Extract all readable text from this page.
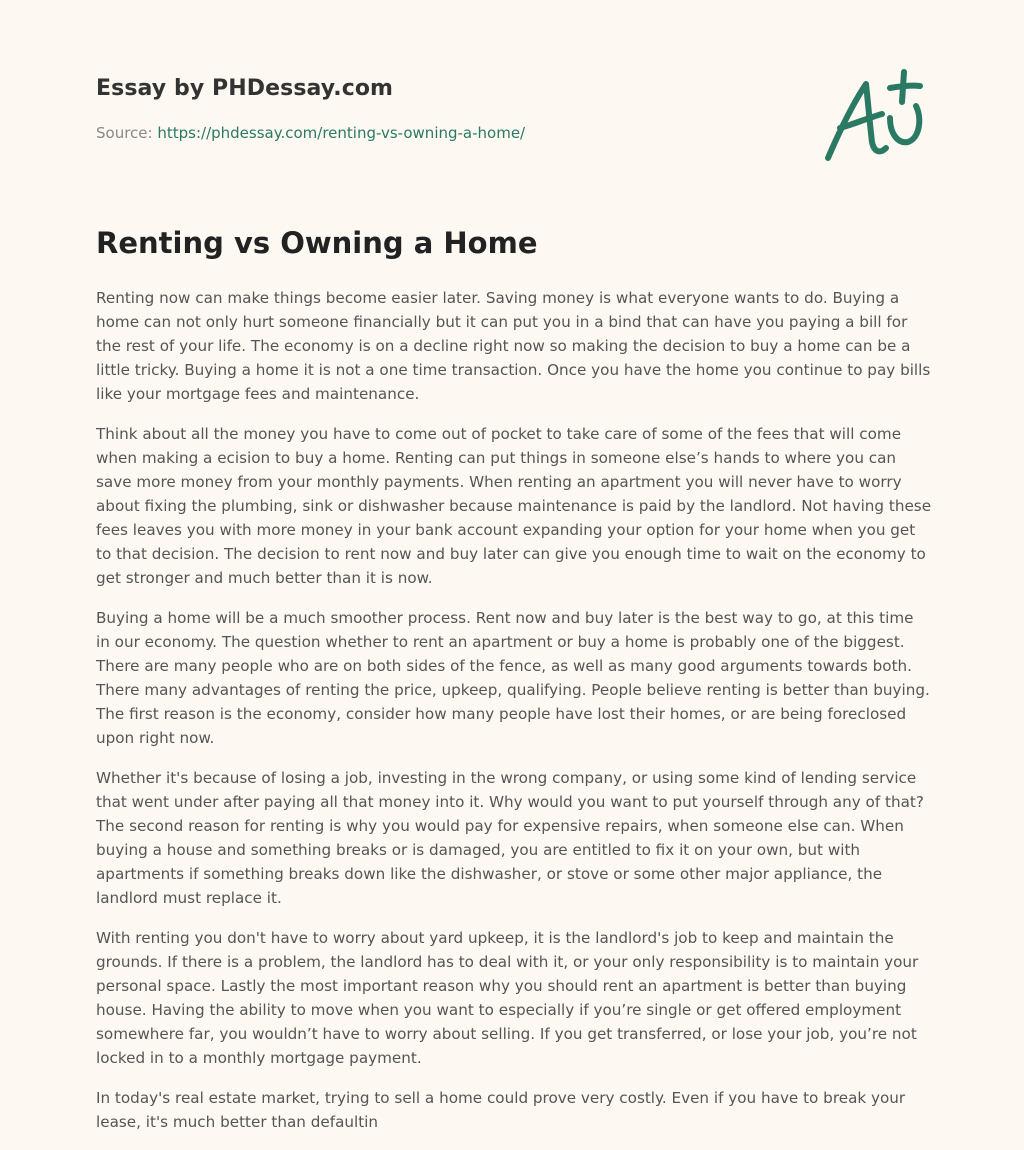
Essay by PHDessay.com

Source: https://phdessay.com/renting-vs-owning-a-home/

Renting vs Owning a Home

Renting now can make things become easier later. Saving money is what everyone wants to do. Buying a home can not only hurt someone financially but it can put you in a bind that can have you paying a bill for the rest of your life. The economy is on a decline right now so making the decision to buy a home can be a little tricky. Buying a home it is not a one time transaction. Once you have the home you continue to pay bills like your mortgage fees and maintenance.

Think about all the money you have to come out of pocket to take care of some of the fees that will come when making a ecision to buy a home. Renting can put things in someone else’s hands to where you can save more money from your monthly payments. When renting an apartment you will never have to worry about fixing the plumbing, sink or dishwasher because maintenance is paid by the landlord. Not having these fees leaves you with more money in your bank account expanding your option for your home when you get to that decision. The decision to rent now and buy later can give you enough time to wait on the economy to get stronger and much better than it is now.

Buying a home will be a much smoother process. Rent now and buy later is the best way to go, at this time in our economy. The question whether to rent an apartment or buy a home is probably one of the biggest. There are many people who are on both sides of the fence, as well as many good arguments towards both. There many advantages of renting the price, upkeep, qualifying. People believe renting is better than buying. The first reason is the economy, consider how many people have lost their homes, or are being foreclosed upon right now.

Whether it's because of losing a job, investing in the wrong company, or using some kind of lending service that went under after paying all that money into it. Why would you want to put yourself through any of that? The second reason for renting is why you would pay for expensive repairs, when someone else can. When buying a house and something breaks or is damaged, you are entitled to fix it on your own, but with apartments if something breaks down like the dishwasher, or stove or some other major appliance, the landlord must replace it.

With renting you don't have to worry about yard upkeep, it is the landlord's job to keep and maintain the grounds. If there is a problem, the landlord has to deal with it, or your only responsibility is to maintain your personal space. Lastly the most important reason why you should rent an apartment is better than buying house. Having the ability to move when you want to especially if you’re single or get offered employment somewhere far, you wouldn’t have to worry about selling. If you get transferred, or lose your job, you’re not locked in to a monthly mortgage payment.

In today's real estate market, trying to sell a home could prove very costly. Even if you have to break your lease, it's much better than defaultin
